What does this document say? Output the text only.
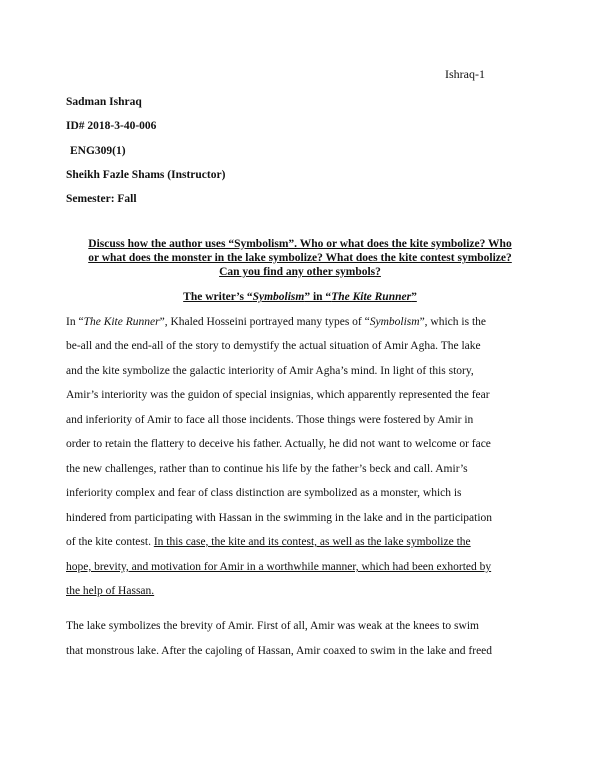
Ishraq-1
Sadman Ishraq
ID# 2018-3-40-006
ENG309(1)
Sheikh Fazle Shams (Instructor)
Semester: Fall
Discuss how the author uses “Symbolism”. Who or what does the kite symbolize? Who
or what does the monster in the lake symbolize? What does the kite contest symbolize?
Can you find any other symbols?
The writer’s “Symbolism” in “The Kite Runner”
In “The Kite Runner”, Khaled Hosseini portrayed many types of “Symbolism”, which is the
be-all and the end-all of the story to demystify the actual situation of Amir Agha. The lake
and the kite symbolize the galactic interiority of Amir Agha’s mind. In light of this story,
Amir’s interiority was the guidon of special insignias, which apparently represented the fear
and inferiority of Amir to face all those incidents. Those things were fostered by Amir in
order to retain the flattery to deceive his father. Actually, he did not want to welcome or face
the new challenges, rather than to continue his life by the father’s beck and call. Amir’s
inferiority complex and fear of class distinction are symbolized as a monster, which is
hindered from participating with Hassan in the swimming in the lake and in the participation
of the kite contest. In this case, the kite and its contest, as well as the lake symbolize the
hope, brevity, and motivation for Amir in a worthwhile manner, which had been exhorted by
the help of Hassan.
The lake symbolizes the brevity of Amir. First of all, Amir was weak at the knees to swim
that monstrous lake. After the cajoling of Hassan, Amir coaxed to swim in the lake and freed
